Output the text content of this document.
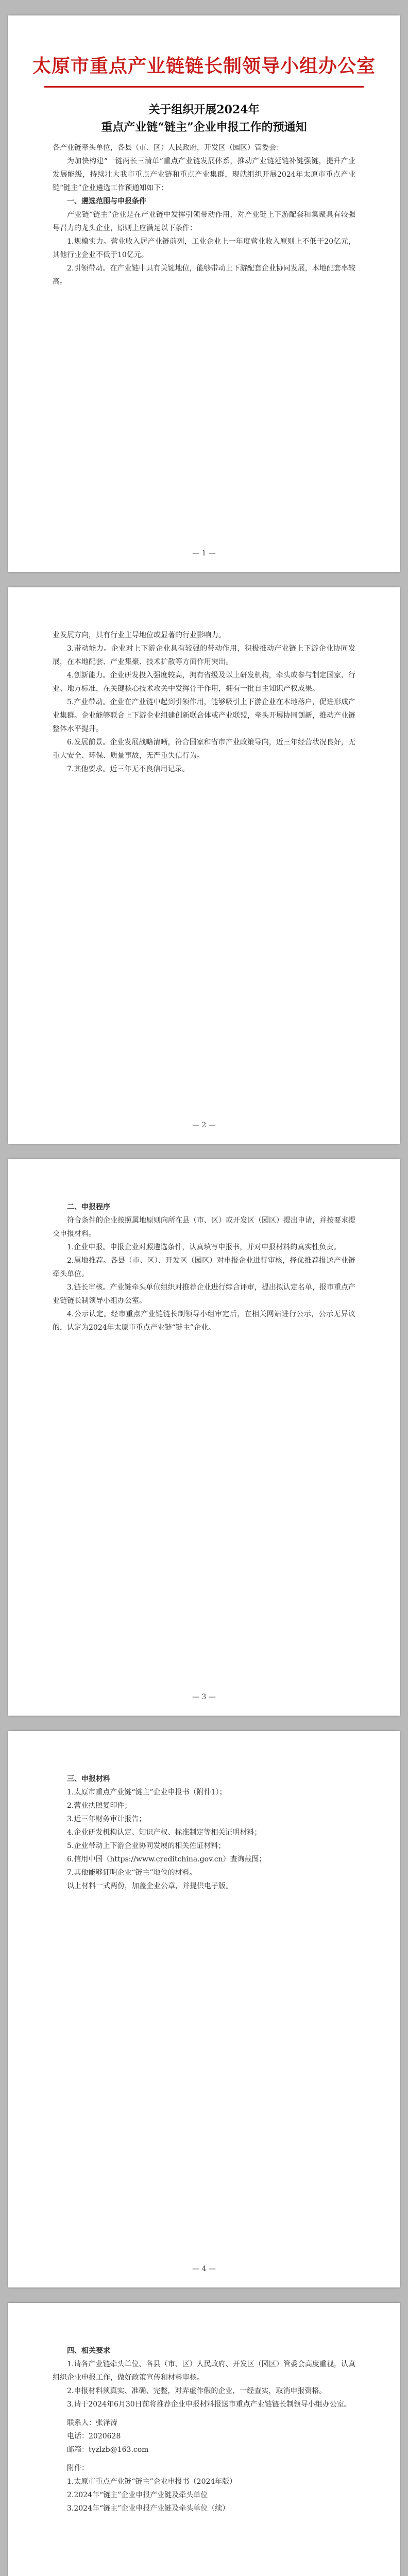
太原市重点产业链链长制领导小组办公室
关于组织开展2024年
重点产业链“链主”企业申报工作的预通知

各产业链牵头单位，各县（市、区）人民政府，开发区（园区）管委会：

为加快构建“一链两长三清单”重点产业链发展体系，推动产业链延链补链强链，提升产业发展能级，持续壮大我市重点产业链和重点产业集群，现就组织开展2024年太原市重点产业链“链主”企业遴选工作预通知如下：

一、遴选范围与申报条件

产业链“链主”企业是在产业链中发挥引领带动作用，对产业链上下游配套和集聚具有较强号召力的龙头企业，原则上应满足以下条件：

1.规模实力。营业收入居产业链前列，工业企业上一年度营业收入原则上不低于20亿元，其他行业企业不低于10亿元。

2.引领带动。在产业链中具有关键地位，能够带动上下游配套企业协同发展，本地配套率较高。

— 1 —

业发展方向，具有行业主导地位或显著的行业影响力。

3.带动能力。企业对上下游企业具有较强的带动作用，积极推动产业链上下游企业协同发展，在本地配套、产业集聚、技术扩散等方面作用突出。

4.创新能力。企业研发投入强度较高，拥有省级及以上研发机构，牵头或参与制定国家、行业、地方标准，在关键核心技术攻关中发挥骨干作用，拥有一批自主知识产权成果。

5.产业带动。企业在产业链中起到引领作用，能够吸引上下游企业在本地落户，促进形成产业集群。企业能够联合上下游企业组建创新联合体或产业联盟，牵头开展协同创新，推动产业链整体水平提升。

6.发展前景。企业发展战略清晰，符合国家和省市产业政策导向，近三年经营状况良好，无重大安全、环保、质量事故，无严重失信行为。

7.其他要求。近三年无不良信用记录。

— 2 —

二、申报程序

符合条件的企业按照属地原则向所在县（市、区）或开发区（园区）提出申请，并按要求提交申报材料。

1.企业申报。申报企业对照遴选条件，认真填写申报书，并对申报材料的真实性负责。

2.属地推荐。各县（市、区）、开发区（园区）对申报企业进行审核，择优推荐报送产业链牵头单位。

3.链长审核。产业链牵头单位组织对推荐企业进行综合评审，提出拟认定名单，报市重点产业链链长制领导小组办公室。

4.公示认定。经市重点产业链链长制领导小组审定后，在相关网站进行公示，公示无异议的，认定为2024年太原市重点产业链“链主”企业。

— 3 —

三、申报材料

1.太原市重点产业链“链主”企业申报书（附件1）；

2.营业执照复印件；

3.近三年财务审计报告；

4.企业研发机构认定、知识产权、标准制定等相关证明材料；

5.企业带动上下游企业协同发展的相关佐证材料；

6.信用中国（https://www.creditchina.gov.cn）查询截图；

7.其他能够证明企业“链主”地位的材料。

以上材料一式两份，加盖企业公章，并提供电子版。

— 4 —

四、相关要求

1.请各产业链牵头单位、各县（市、区）人民政府、开发区（园区）管委会高度重视，认真组织企业申报工作，做好政策宣传和材料审核。

2.申报材料须真实、准确、完整，对弄虚作假的企业，一经查实，取消申报资格。

3.请于2024年6月30日前将推荐企业申报材料报送市重点产业链链长制领导小组办公室。

联系人：张泽涛

电话：2020628

邮箱：tyzlzb@163.com

附件：

1.太原市重点产业链“链主”企业申报书（2024年版）

2.2024年“链主”企业申报产业链及牵头单位

3.2024年“链主”企业申报产业链及牵头单位（续）
